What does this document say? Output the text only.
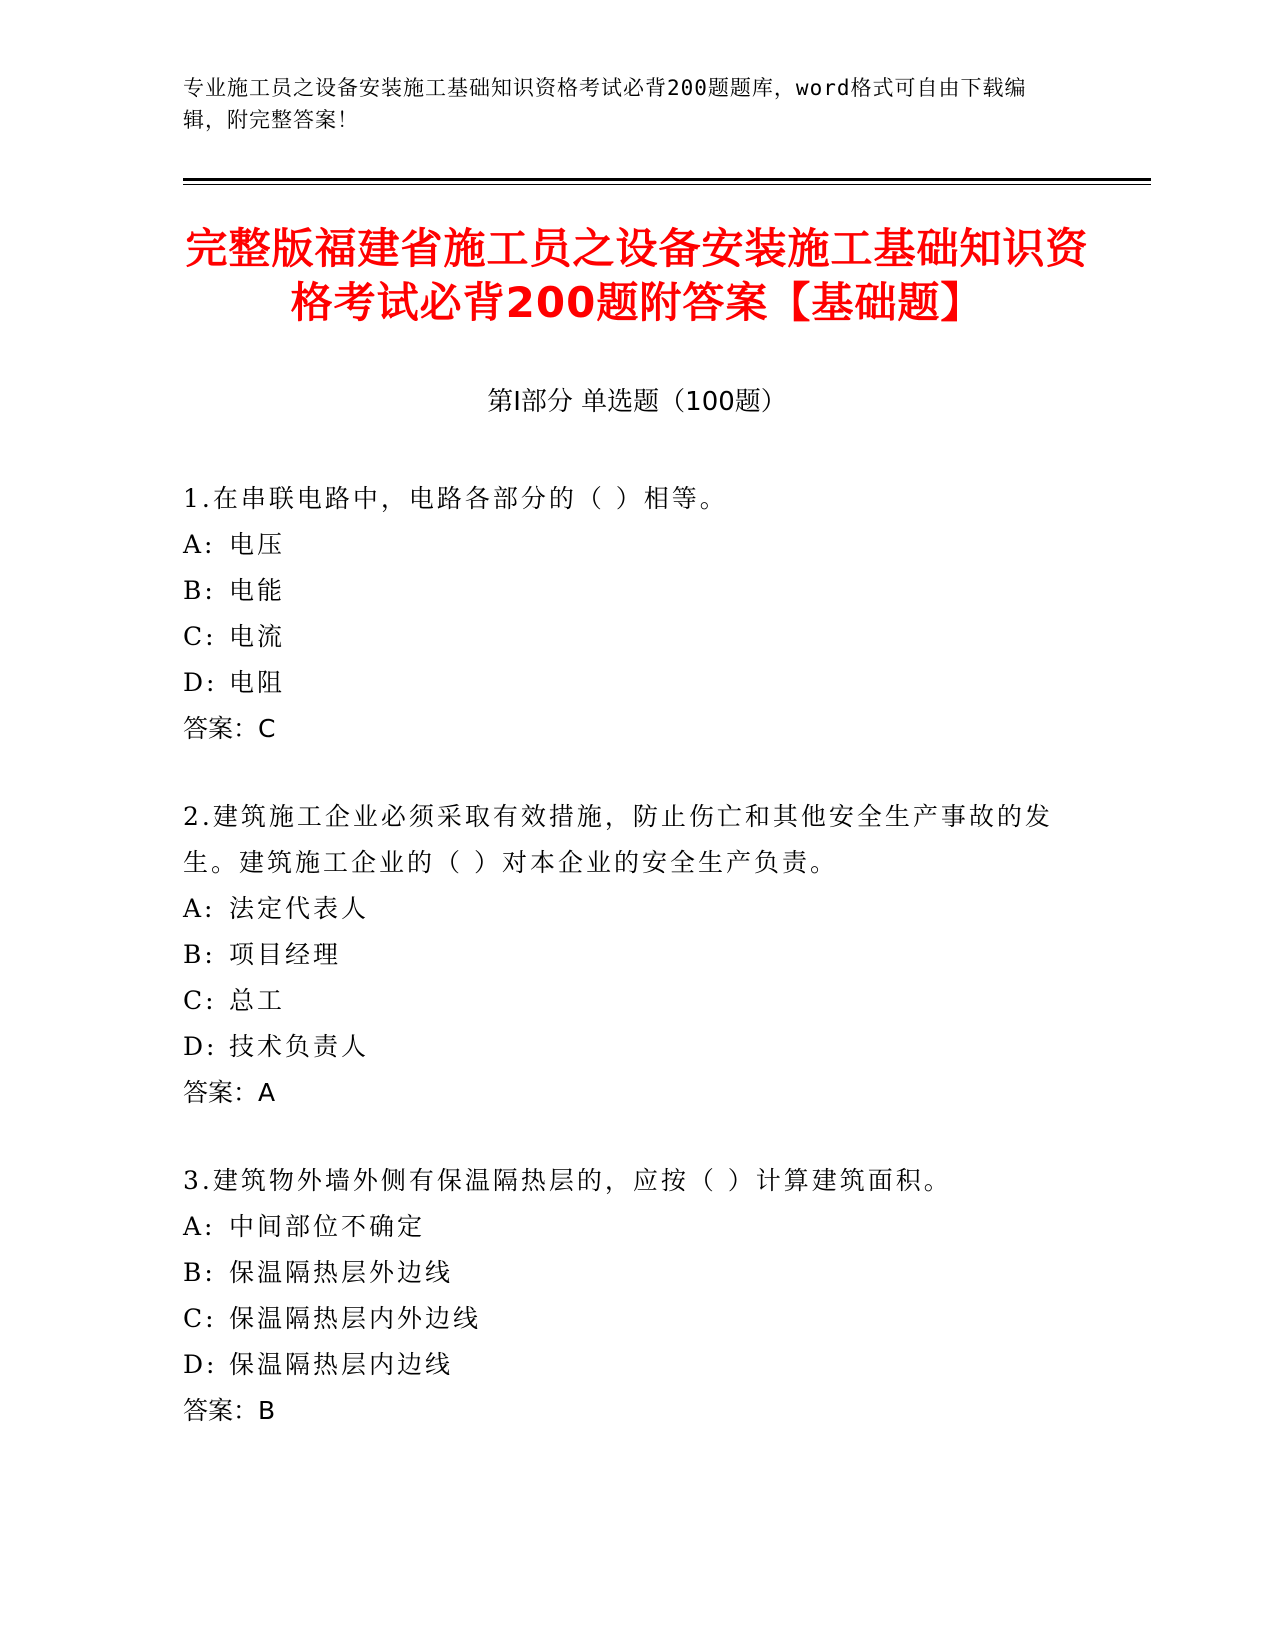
专业施工员之设备安装施工基础知识资格考试必背200题题库，word格式可自由下载编辑，附完整答案！
完整版福建省施工员之设备安装施工基础知识资格考试必背200题附答案【基础题】
第Ⅰ部分 单选题（100题）

1.在串联电路中，电路各部分的（ ）相等。

A: 电压

B: 电能

C: 电流

D: 电阻

答案：C

2.建筑施工企业必须采取有效措施，防止伤亡和其他安全生产事故的发生。建筑施工企业的（ ）对本企业的安全生产负责。

A: 法定代表人

B: 项目经理

C: 总工

D: 技术负责人

答案：A

3.建筑物外墙外侧有保温隔热层的，应按（ ）计算建筑面积。

A: 中间部位不确定

B: 保温隔热层外边线

C: 保温隔热层内外边线

D: 保温隔热层内边线

答案：B
